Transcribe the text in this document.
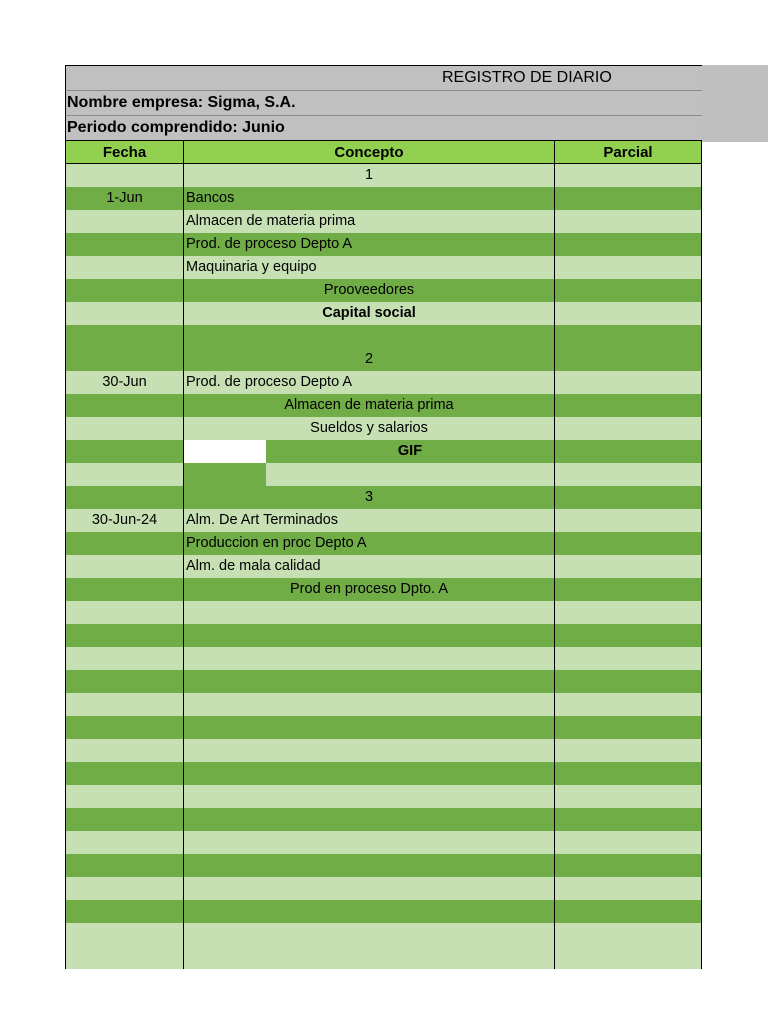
REGISTRO DE DIARIO
Nombre empresa: Sigma, S.A.
Periodo comprendido: Junio
Fecha	Concepto	Parcial
1
1-Jun	Bancos
Almacen de materia prima
Prod. de proceso Depto A
Maquinaria y equipo
Prooveedores
Capital social
2
30-Jun	Prod. de proceso Depto A
Almacen de materia prima
Sueldos y salarios
GIF
3
30-Jun-24	Alm. De Art Terminados
Produccion en proc Depto A
Alm. de mala calidad
Prod en proceso Dpto. A
